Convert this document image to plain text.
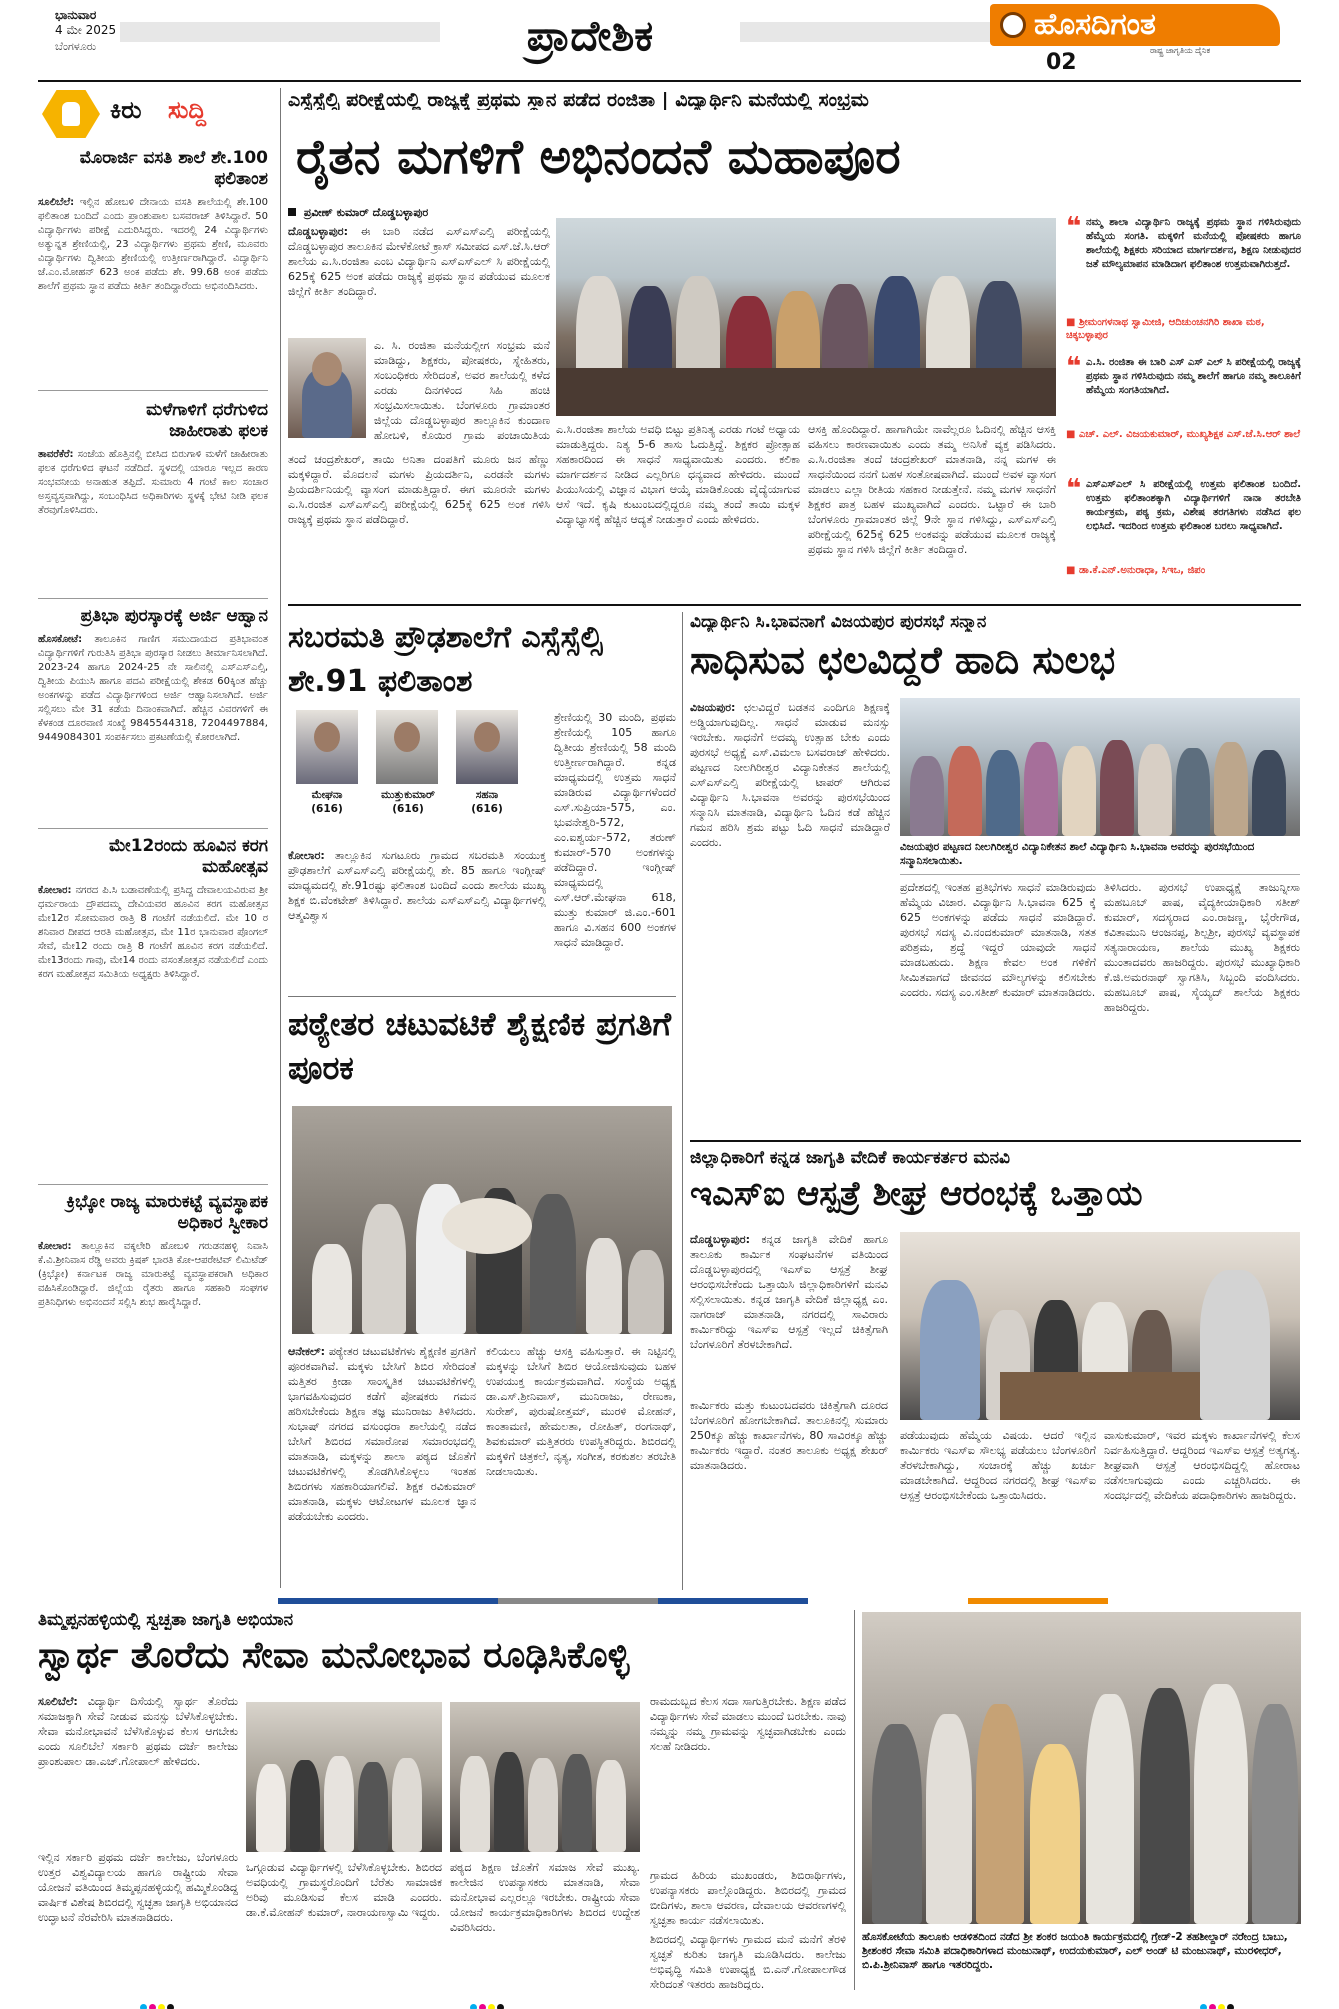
ಭಾನುವಾರ
4 ಮೇ 2025
ಬೆಂಗಳೂರು	ಪ್ರಾದೇಶಿಕ	ಹೊಸದಿಗಂತ
ರಾಷ್ಟ್ರ ಜಾಗೃತಿಯ ದೈನಿಕ
02
ಕಿರು ಸುದ್ದಿ
ಮೊರಾರ್ಜಿ ವಸತಿ ಶಾಲೆ ಶೇ.100 ಫಲಿತಾಂಶ
ಸೂಲಿಬೆಲೆ: ಇಲ್ಲಿನ ಹೋಬಳಿ ದೇನಾಯ ವಸತಿ ಶಾಲೆಯಲ್ಲಿ ಶೇ.100 ಫಲಿತಾಂಶ ಬಂದಿದೆ ಎಂದು ಪ್ರಾಂಶುಪಾಲ ಬಸವರಾಜ್ ತಿಳಿಸಿದ್ದಾರೆ. 50 ವಿದ್ಯಾರ್ಥಿಗಳು ಪರೀಕ್ಷೆ ಎದುರಿಸಿದ್ದರು. ಇದರಲ್ಲಿ 24 ವಿದ್ಯಾರ್ಥಿಗಳು ಅತ್ಯುನ್ನತ ಶ್ರೇಣಿಯಲ್ಲಿ, 23 ವಿದ್ಯಾರ್ಥಿಗಳು ಪ್ರಥಮ ಶ್ರೇಣಿ, ಮೂವರು ವಿದ್ಯಾರ್ಥಿಗಳು ದ್ವಿತೀಯ ಶ್ರೇಣಿಯಲ್ಲಿ ಉತ್ತೀರ್ಣರಾಗಿದ್ದಾರೆ. ವಿದ್ಯಾರ್ಥಿನಿ ಜೆ.ಎಂ.ಮೋಹನ್ 623 ಅಂಕ ಪಡೆದು ಶೇ. 99.68 ಅಂಕ ಪಡೆದು ಶಾಲೆಗೆ ಪ್ರಥಮ ಸ್ಥಾನ ಪಡೆದು ಕೀರ್ತಿ ತಂದಿದ್ದಾರೆಂದು ಅಭಿನಂದಿಸಿದರು.
ಮಳೆಗಾಳಿಗೆ ಧರೆಗುಳಿದ ಜಾಹೀರಾತು ಫಲಕ
ತಾವರೆಕೆರೆ: ಸಂಜೆಯ ಹೊತ್ತಿನಲ್ಲಿ ಬೀಸಿದ ಬಿರುಗಾಳಿ ಮಳೆಗೆ ಜಾಹೀರಾತು ಫಲಕ ಧರೆಗುಳಿದ ಘಟನೆ ನಡೆದಿದೆ. ಸ್ಥಳದಲ್ಲಿ ಯಾರೂ ಇಲ್ಲದ ಕಾರಣ ಸಂಭವನೀಯ ಅನಾಹುತ ತಪ್ಪಿದೆ. ಸುಮಾರು 4 ಗಂಟೆ ಕಾಲ ಸಂಚಾರ ಅಸ್ತವ್ಯಸ್ತವಾಗಿದ್ದು, ಸಂಬಂಧಿಸಿದ ಅಧಿಕಾರಿಗಳು ಸ್ಥಳಕ್ಕೆ ಭೇಟಿ ನೀಡಿ ಫಲಕ ತೆರವುಗೊಳಿಸಿದರು.
ಪ್ರತಿಭಾ ಪುರಸ್ಕಾರಕ್ಕೆ ಅರ್ಜಿ ಆಹ್ವಾನ
ಹೊಸಕೋಟೆ: ತಾಲೂಕಿನ ಗಾಣಿಗ ಸಮುದಾಯದ ಪ್ರತಿಭಾವಂತ ವಿದ್ಯಾರ್ಥಿಗಳಿಗೆ ಗುರುತಿಸಿ ಪ್ರತಿಭಾ ಪುರಸ್ಕಾರ ನೀಡಲು ತೀರ್ಮಾನಿಸಲಾಗಿದೆ. 2023-24 ಹಾಗೂ 2024-25 ನೇ ಸಾಲಿನಲ್ಲಿ ಎಸ್ಎಸ್ಎಲ್ಸಿ, ದ್ವಿತೀಯ ಪಿಯುಸಿ ಹಾಗೂ ಪದವಿ ಪರೀಕ್ಷೆಯಲ್ಲಿ ಶೇಕಡ 60ಕ್ಕಿಂತ ಹೆಚ್ಚು ಅಂಕಗಳನ್ನು ಪಡೆದ ವಿದ್ಯಾರ್ಥಿಗಳಿಂದ ಅರ್ಜಿ ಆಹ್ವಾನಿಸಲಾಗಿದೆ. ಅರ್ಜಿ ಸಲ್ಲಿಸಲು ಮೇ 31 ಕಡೆಯ ದಿನಾಂಕವಾಗಿದೆ. ಹೆಚ್ಚಿನ ವಿವರಗಳಿಗೆ ಈ ಕೆಳಕಂಡ ದೂರವಾಣಿ ಸಂಖ್ಯೆ 9845544318, 7204497884, 9449084301 ಸಂಪರ್ಕಿಸಲು ಪ್ರಕಟಣೆಯಲ್ಲಿ ಕೋರಲಾಗಿದೆ.
ಮೇ12ರಂದು ಹೂವಿನ ಕರಗ ಮಹೋತ್ಸವ
ಕೋಲಾರ: ನಗರದ ಪಿ.ಸಿ ಬಡಾವಣೆಯಲ್ಲಿ ಪ್ರಸಿದ್ದ ದೇವಾಲಯವಿರುವ ಶ್ರೀ ಧರ್ಮರಾಯ ದ್ರೌಪದಮ್ಮ ದೇವಿಯವರ ಹೂವಿನ ಕರಗ ಮಹೋತ್ಸವ ಮೇ12ರ ಸೋಮವಾರ ರಾತ್ರಿ 8 ಗಂಟೆಗೆ ನಡೆಯಲಿದೆ. ಮೇ 10 ರ ಶನಿವಾರ ದೀಪದ ಆರತಿ ಮಹೋತ್ಸವ, ಮೇ 11ರ ಭಾನುವಾರ ಪೊಂಗಲ್ ಸೇವೆ, ಮೇ12 ರಂದು ರಾತ್ರಿ 8 ಗಂಟೆಗೆ ಹೂವಿನ ಕರಗ ನಡೆಯಲಿದೆ. ಮೇ13ರಂದು ಗಾವು, ಮೇ14 ರಂದು ವಸಂತೋತ್ಸವ ನಡೆಯಲಿದೆ ಎಂದು ಕರಗ ಮಹೋತ್ಸವ ಸಮಿತಿಯ ಅಧ್ಯಕ್ಷರು ತಿಳಿಸಿದ್ದಾರೆ.
ಕ್ರಿಭ್ಕೋ ರಾಜ್ಯ ಮಾರುಕಟ್ಟೆ ವ್ಯವಸ್ಥಾಪಕ ಅಧಿಕಾರ ಸ್ವೀಕಾರ
ಕೋಲಾರ: ತಾಲ್ಲೂಕಿನ ವಕ್ಕಲೇರಿ ಹೋಬಳಿ ಗರುಡನಹಳ್ಳಿ ನಿವಾಸಿ ಕೆ.ವಿ.ಶ್ರೀನಿವಾಸ ರೆಡ್ಡಿ ಅವರು ಕ್ರಿಷಕ್ ಭಾರತಿ ಕೋ-ಆಪರೇಟಿವ್ ಲಿಮಿಟೆಡ್ (ಕ್ರಿಭ್ಕೋ) ಕರ್ನಾಟಕ ರಾಜ್ಯ ಮಾರುಕಟ್ಟೆ ವ್ಯವಸ್ಥಾಪಕರಾಗಿ ಅಧಿಕಾರ ವಹಿಸಿಕೊಂಡಿದ್ದಾರೆ. ಜಿಲ್ಲೆಯ ರೈತರು ಹಾಗೂ ಸಹಕಾರಿ ಸಂಘಗಳ ಪ್ರತಿನಿಧಿಗಳು ಅಭಿನಂದನೆ ಸಲ್ಲಿಸಿ ಶುಭ ಹಾರೈಸಿದ್ದಾರೆ.
ಎಸ್ಸೆಸ್ಸೆಲ್ಸಿ ಪರೀಕ್ಷೆಯಲ್ಲಿ ರಾಜ್ಯಕ್ಕೆ ಪ್ರಥಮ ಸ್ಥಾನ ಪಡೆದ ರಂಜಿತಾ | ವಿದ್ಯಾರ್ಥಿನಿ ಮನೆಯಲ್ಲಿ ಸಂಭ್ರಮ
ರೈತನ ಮಗಳಿಗೆ ಅಭಿನಂದನೆ ಮಹಾಪೂರ
ಪ್ರವೀಣ್ ಕುಮಾರ್ ದೊಡ್ಡಬಳ್ಳಾಪುರ
ದೊಡ್ಡಬಳ್ಳಾಪುರ: ಈ ಬಾರಿ ನಡೆದ ಎಸ್ಎಸ್ಎಲ್ಸಿ ಪರೀಕ್ಷೆಯಲ್ಲಿ ದೊಡ್ಡಬಳ್ಳಾಪುರ ತಾಲೂಕಿನ ಮೇಳೆಕೋಟೆ ಕ್ರಾಸ್ ಸಮೀಪದ ಎಸ್.ಜೆ.ಸಿ.ಆರ್ ಶಾಲೆಯ ಎ.ಸಿ.ರಂಜಿತಾ ಎಂಬ ವಿದ್ಯಾರ್ಥಿನಿ ಎಸ್ಎಸ್ಎಲ್ ಸಿ ಪರೀಕ್ಷೆಯಲ್ಲಿ 625ಕ್ಕೆ 625 ಅಂಕ ಪಡೆದು ರಾಜ್ಯಕ್ಕೆ ಪ್ರಥಮ ಸ್ಥಾನ ಪಡೆಯುವ ಮೂಲಕ ಜಿಲ್ಲೆಗೆ ಕೀರ್ತಿ ತಂದಿದ್ದಾರೆ.
ಎ. ಸಿ. ರಂಜಿತಾ ಮನೆಯಲ್ಲೀಗ ಸಂಭ್ರಮ ಮನೆ ಮಾಡಿದ್ದು, ಶಿಕ್ಷಕರು, ಪೋಷಕರು, ಸ್ನೇಹಿತರು, ಸಂಬಂಧಿಕರು ಸೇರಿದಂತೆ, ಅವರ ಶಾಲೆಯಲ್ಲಿ ಕಳೆದ ಎರಡು ದಿನಗಳಿಂದ ಸಿಹಿ ಹಂಚಿ ಸಂಭ್ರಮಿಸಲಾಯಿತು. ಬೆಂಗಳೂರು ಗ್ರಾಮಾಂತರ ಜಿಲ್ಲೆಯ ದೊಡ್ಡಬಳ್ಳಾಪುರ ತಾಲ್ಲೂಕಿನ ಕುಂದಾಣ ಹೋಬಳಿ, ಕೊಯಿರ ಗ್ರಾಮ ಪಂಚಾಯಿತಿಯ
ತಂದೆ ಚಂದ್ರಶೇಖರ್, ತಾಯಿ ಅನಿತಾ ದಂಪತಿಗೆ ಮೂರು ಜನ ಹೆಣ್ಣು ಮಕ್ಕಳಿದ್ದಾರೆ. ಮೊದಲನೆ ಮಗಳು ಪ್ರಿಯದರ್ಶಿನಿ, ಎರಡನೇ ಮಗಳು ಪ್ರಿಯದರ್ಶಿನಿಯಲ್ಲಿ ವ್ಯಾಸಂಗ ಮಾಡುತ್ತಿದ್ದಾರೆ. ಈಗ ಮೂರನೇ ಮಗಳು ಎ.ಸಿ.ರಂಜಿತ ಎಸ್ಎಸ್ಎಲ್ಸಿ ಪರೀಕ್ಷೆಯಲ್ಲಿ 625ಕ್ಕೆ 625 ಅಂಕ ಗಳಿಸಿ ರಾಜ್ಯಕ್ಕೆ ಪ್ರಥಮ ಸ್ಥಾನ ಪಡೆದಿದ್ದಾರೆ.
ಎ.ಸಿ.ರಂಜಿತಾ ಶಾಲೆಯ ಅವಧಿ ಬಿಟ್ಟು ಪ್ರತಿನಿತ್ಯ ಎರಡು ಗಂಟೆ ಅಧ್ಯಾಯ ಮಾಡುತ್ತಿದ್ದರು. ನಿತ್ಯ 5-6 ತಾಸು ಓದುತ್ತಿದ್ದೆ. ಶಿಕ್ಷಕರ ಪ್ರೋತ್ಸಾಹ ಸಹಕಾರದಿಂದ ಈ ಸಾಧನೆ ಸಾಧ್ಯವಾಯಿತು ಎಂದರು. ಕಲಿಕಾ ಮಾರ್ಗದರ್ಶನ ನೀಡಿದ ಎಲ್ಲರಿಗೂ ಧನ್ಯವಾದ ಹೇಳಿದರು. ಮುಂದೆ ಪಿಯುಸಿಯಲ್ಲಿ ವಿಜ್ಞಾನ ವಿಭಾಗ ಆಯ್ಕೆ ಮಾಡಿಕೊಂಡು ವೈದ್ಯೆಯಾಗುವ ಆಸೆ ಇದೆ. ಕೃಷಿ ಕುಟುಂಬದಲ್ಲಿದ್ದರೂ ನಮ್ಮ ತಂದೆ ತಾಯಿ ಮಕ್ಕಳ ವಿದ್ಯಾಭ್ಯಾಸಕ್ಕೆ ಹೆಚ್ಚಿನ ಆದ್ಯತೆ ನೀಡುತ್ತಾರೆ ಎಂದು ಹೇಳಿದರು.
ಆಸಕ್ತಿ ಹೊಂದಿದ್ದಾರೆ. ಹಾಗಾಗಿಯೇ ನಾವೆಲ್ಲರೂ ಓದಿನಲ್ಲಿ ಹೆಚ್ಚಿನ ಆಸಕ್ತಿ ವಹಿಸಲು ಕಾರಣವಾಯಿತು ಎಂದು ತಮ್ಮ ಅನಿಸಿಕೆ ವ್ಯಕ್ತ ಪಡಿಸಿದರು. ಎ.ಸಿ.ರಂಜಿತಾ ತಂದೆ ಚಂದ್ರಶೇಖರ್ ಮಾತನಾಡಿ, ನನ್ನ ಮಗಳ ಈ ಸಾಧನೆಯಿಂದ ನನಗೆ ಬಹಳ ಸಂತೋಷವಾಗಿದೆ. ಮುಂದೆ ಅವಳ ವ್ಯಾಸಂಗ ಮಾಡಲು ಎಲ್ಲಾ ರೀತಿಯ ಸಹಕಾರ ನೀಡುತ್ತೇನೆ. ನಮ್ಮ ಮಗಳ ಸಾಧನೆಗೆ ಶಿಕ್ಷಕರ ಪಾತ್ರ ಬಹಳ ಮುಖ್ಯವಾಗಿದೆ ಎಂದರು. ಒಟ್ಟಾರೆ ಈ ಬಾರಿ ಬೆಂಗಳೂರು ಗ್ರಾಮಾಂತರ ಜಿಲ್ಲೆ 9ನೇ ಸ್ಥಾನ ಗಳಿಸಿದ್ದು, ಎಸ್ಎಸ್ಎಲ್ಸಿ ಪರೀಕ್ಷೆಯಲ್ಲಿ 625ಕ್ಕೆ 625 ಅಂಕವನ್ನು ಪಡೆಯುವ ಮೂಲಕ ರಾಜ್ಯಕ್ಕೆ ಪ್ರಥಮ ಸ್ಥಾನ ಗಳಿಸಿ ಜಿಲ್ಲೆಗೆ ಕೀರ್ತಿ ತಂದಿದ್ದಾರೆ.
❝ ನಮ್ಮ ಶಾಲಾ ವಿದ್ಯಾರ್ಥಿನಿ ರಾಜ್ಯಕ್ಕೆ ಪ್ರಥಮ ಸ್ಥಾನ ಗಳಿಸಿರುವುದು ಹೆಮ್ಮೆಯ ಸಂಗತಿ. ಮಕ್ಕಳಿಗೆ ಮನೆಯಲ್ಲಿ ಪೋಷಕರು ಹಾಗೂ ಶಾಲೆಯಲ್ಲಿ ಶಿಕ್ಷಕರು ಸರಿಯಾದ ಮಾರ್ಗದರ್ಶನ, ಶಿಕ್ಷಣ ನೀಡುವುದರ ಜತೆ ಮೌಲ್ಯಮಾಪನ ಮಾಡಿದಾಗ ಫಲಿತಾಂಶ ಉತ್ತಮವಾಗಿರುತ್ತದೆ.
■ ಶ್ರೀಮಂಗಳನಾಥ ಸ್ವಾಮೀಜಿ, ಆದಿಚುಂಚನಗಿರಿ ಶಾಖಾ ಮಠ, ಚಿಕ್ಕಬಳ್ಳಾಪುರ
❝ ಎ.ಸಿ. ರಂಜಿತಾ ಈ ಬಾರಿ ಎಸ್ ಎಸ್ ಎಲ್ ಸಿ ಪರೀಕ್ಷೆಯಲ್ಲಿ ರಾಜ್ಯಕ್ಕೆ ಪ್ರಥಮ ಸ್ಥಾನ ಗಳಿಸಿರುವುದು ನಮ್ಮ ಶಾಲೆಗೆ ಹಾಗೂ ನಮ್ಮ ತಾಲೂಕಿಗೆ ಹೆಮ್ಮೆಯ ಸಂಗತಿಯಾಗಿದೆ.
■ ಎಚ್. ಎಲ್. ವಿಜಯಕುಮಾರ್, ಮುಖ್ಯಶಿಕ್ಷಕ ಎಸ್.ಜೆ.ಸಿ.ಆರ್ ಶಾಲೆ
❝ ಎಸ್ಎಸ್ಎಲ್ ಸಿ ಪರೀಕ್ಷೆಯಲ್ಲಿ ಉತ್ತಮ ಫಲಿತಾಂಶ ಬಂದಿದೆ. ಉತ್ತಮ ಫಲಿತಾಂಶಕ್ಕಾಗಿ ವಿದ್ಯಾರ್ಥಿಗಳಿಗೆ ನಾನಾ ತರಬೇತಿ ಕಾರ್ಯಕ್ರಮ, ಪಠ್ಯ ಕ್ರಮ, ವಿಶೇಷ ತರಗತಿಗಳು ನಡೆಸಿದ ಫಲ ಲಭಿಸಿದೆ. ಇದರಿಂದ ಉತ್ತಮ ಫಲಿತಾಂಶ ಬರಲು ಸಾಧ್ಯವಾಗಿದೆ.
■ ಡಾ.ಕೆ.ಎನ್.ಅನುರಾಧಾ, ಸಿಇಒ, ಜಿಪಂ
ಸಬರಮತಿ ಪ್ರೌಢಶಾಲೆಗೆ ಎಸ್ಸೆಸ್ಸೆಲ್ಸಿ ಶೇ.91 ಫಲಿತಾಂಶ
ಮೇಘನಾ
(616)
ಮುತ್ತುಕುಮಾರ್
(616)
ಸಹನಾ
(616)
ಕೋಲಾರ: ತಾಲ್ಲೂಕಿನ ಸುಗಟೂರು ಗ್ರಾಮದ ಸಬರಮತಿ ಸಂಯುಕ್ತ ಪ್ರೌಢಶಾಲೆಗೆ ಎಸ್ಎಸ್ಎಲ್ಸಿ ಪರೀಕ್ಷೆಯಲ್ಲಿ ಶೇ. 85 ಹಾಗೂ ಇಂಗ್ಲೀಷ್ ಮಾಧ್ಯಮದಲ್ಲಿ ಶೇ.91ರಷ್ಟು ಫಲಿತಾಂಶ ಬಂದಿದೆ ಎಂದು ಶಾಲೆಯ ಮುಖ್ಯ ಶಿಕ್ಷಕ ಬಿ.ವೆಂಕಟೇಶ್ ತಿಳಿಸಿದ್ದಾರೆ. ಶಾಲೆಯ ಎಸ್ಎಸ್ಎಲ್ಸಿ ವಿದ್ಯಾರ್ಥಿಗಳಲ್ಲಿ ಆತ್ಮವಿಶ್ವಾಸ
ಶ್ರೇಣಿಯಲ್ಲಿ 30 ಮಂದಿ, ಪ್ರಥಮ ಶ್ರೇಣಿಯಲ್ಲಿ 105 ಹಾಗೂ ದ್ವಿತೀಯ ಶ್ರೇಣಿಯಲ್ಲಿ 58 ಮಂದಿ ಉತ್ತೀರ್ಣರಾಗಿದ್ದಾರೆ. ಕನ್ನಡ ಮಾಧ್ಯಮದಲ್ಲಿ ಉತ್ತಮ ಸಾಧನೆ ಮಾಡಿರುವ ವಿದ್ಯಾರ್ಥಿಗಳೆಂದರೆ ಎಸ್.ಸುಪ್ರಿಯಾ-575, ಎಂ. ಭುವನೇಶ್ವರಿ-572, ಎಂ.ಐಶ್ವರ್ಯ-572, ತರುಣ್ ಕುಮಾರ್-570 ಅಂಕಗಳನ್ನು ಪಡೆದಿದ್ದಾರೆ. ಇಂಗ್ಲೀಷ್ ಮಾಧ್ಯಮದಲ್ಲಿ ಎಸ್.ಆರ್.ಮೇಘನಾ 618, ಮುತ್ತು ಕುಮಾರ್ ಜಿ.ಎಂ.-601 ಹಾಗೂ ವಿ.ಸಹನ 600 ಅಂಕಗಳ ಸಾಧನೆ ಮಾಡಿದ್ದಾರೆ.
ಪಠ್ಯೇತರ ಚಟುವಟಿಕೆ ಶೈಕ್ಷಣಿಕ ಪ್ರಗತಿಗೆ ಪೂರಕ
ಆನೇಕಲ್: ಪಠ್ಯೇತರ ಚಟುವಟಿಕೆಗಳು ಶೈಕ್ಷಣಿಕ ಪ್ರಗತಿಗೆ ಪೂರಕವಾಗಿವೆ. ಮಕ್ಕಳು ಬೇಸಿಗೆ ಶಿಬಿರ ಸೇರಿದಂತೆ ಮತ್ತಿತರ ಕ್ರೀಡಾ ಸಾಂಸ್ಕೃತಿಕ ಚಟುವಟಿಕೆಗಳಲ್ಲಿ ಭಾಗವಹಿಸುವುದರ ಕಡೆಗೆ ಪೋಷಕರು ಗಮನ ಹರಿಸಬೇಕೆಂದು ಶಿಕ್ಷಣ ತಜ್ಞ ಮುನಿರಾಜು ತಿಳಿಸಿದರು. ಸುಭಾಷ್ ನಗರದ ವಸುಂಧರಾ ಶಾಲೆಯಲ್ಲಿ ನಡೆದ ಬೇಸಿಗೆ ಶಿಬಿರದ ಸಮಾರೋಪ ಸಮಾರಂಭದಲ್ಲಿ ಮಾತನಾಡಿ, ಮಕ್ಕಳನ್ನು ಶಾಲಾ ಪಠ್ಯದ ಜೊತೆಗೆ ಚಟುವಟಿಕೆಗಳಲ್ಲಿ ತೊಡಗಿಸಿಕೊಳ್ಳಲು ಇಂತಹ ಶಿಬಿರಗಳು ಸಹಕಾರಿಯಾಗಲಿವೆ. ಶಿಕ್ಷಕ ರವಿಕುಮಾರ್ ಮಾತನಾಡಿ, ಮಕ್ಕಳು ಆಟೋಟಗಳ ಮೂಲಕ ಜ್ಞಾನ ಪಡೆಯಬೇಕು ಎಂದರು.
ಕಲಿಯಲು ಹೆಚ್ಚು ಆಸಕ್ತಿ ವಹಿಸುತ್ತಾರೆ. ಈ ನಿಟ್ಟಿನಲ್ಲಿ ಮಕ್ಕಳನ್ನು ಬೇಸಿಗೆ ಶಿಬಿರ ಆಯೋಜಿಸುವುದು ಬಹಳ ಉಪಯುಕ್ತ ಕಾರ್ಯಕ್ರಮವಾಗಿದೆ. ಸಂಸ್ಥೆಯ ಅಧ್ಯಕ್ಷ ಡಾ.ಎಸ್.ಶ್ರೀನಿವಾಸ್, ಮುನಿರಾಜು, ರೇಣುಕಾ, ಸುರೇಶ್, ಪುರುಷೋತ್ತಮ್, ಮುರಳಿ ಮೋಹನ್, ಕಾಂತಾಮಣಿ, ಹೇಮಲತಾ, ರೋಹಿತ್, ರಂಗನಾಥ್, ಶಿವಕುಮಾರ್ ಮತ್ತಿತರರು ಉಪಸ್ಥಿತರಿದ್ದರು. ಶಿಬಿರದಲ್ಲಿ ಮಕ್ಕಳಿಗೆ ಚಿತ್ರಕಲೆ, ನೃತ್ಯ, ಸಂಗೀತ, ಕರಕುಶಲ ತರಬೇತಿ ನೀಡಲಾಯಿತು.
ವಿದ್ಯಾರ್ಥಿನಿ ಸಿ.ಭಾವನಾಗೆ ವಿಜಯಪುರ ಪುರಸಭೆ ಸನ್ಮಾನ
ಸಾಧಿಸುವ ಛಲವಿದ್ದರೆ ಹಾದಿ ಸುಲಭ
ವಿಜಯಪುರ: ಛಲವಿದ್ದರೆ ಬಡತನ ಎಂದಿಗೂ ಶಿಕ್ಷಣಕ್ಕೆ ಅಡ್ಡಿಯಾಗುವುದಿಲ್ಲ. ಸಾಧನೆ ಮಾಡುವ ಮನಸ್ಸು ಇರಬೇಕು. ಸಾಧನೆಗೆ ಅದಮ್ಯ ಉತ್ಸಾಹ ಬೇಕು ಎಂದು ಪುರಸಭೆ ಅಧ್ಯಕ್ಷೆ ಎಸ್.ವಿಮಲಾ ಬಸವರಾಜ್ ಹೇಳಿದರು. ಪಟ್ಟಣದ ನೀಲಗಿರೀಶ್ವರ ವಿದ್ಯಾನಿಕೇತನ ಶಾಲೆಯಲ್ಲಿ ಎಸ್ಎಸ್ಎಲ್ಸಿ ಪರೀಕ್ಷೆಯಲ್ಲಿ ಟಾಪರ್ ಆಗಿರುವ ವಿದ್ಯಾರ್ಥಿನಿ ಸಿ.ಭಾವನಾ ಅವರನ್ನು ಪುರಸಭೆಯಿಂದ ಸನ್ಮಾನಿಸಿ ಮಾತನಾಡಿ, ವಿದ್ಯಾರ್ಥಿನಿ ಓದಿನ ಕಡೆ ಹೆಚ್ಚಿನ ಗಮನ ಹರಿಸಿ ಶ್ರಮ ಪಟ್ಟು ಓದಿ ಸಾಧನೆ ಮಾಡಿದ್ದಾರೆ ಎಂದರು.	ವಿಜಯಪುರ ಪಟ್ಟಣದ ನೀಲಗಿರೀಶ್ವರ ವಿದ್ಯಾನಿಕೇತನ ಶಾಲೆ ವಿದ್ಯಾರ್ಥಿನಿ ಸಿ.ಭಾವನಾ ಅವರನ್ನು ಪುರಸಭೆಯಿಂದ ಸನ್ಮಾನಿಸಲಾಯಿತು.
ಪ್ರದೇಶದಲ್ಲಿ ಇಂತಹ ಪ್ರತಿಭೆಗಳು ಸಾಧನೆ ಮಾಡಿರುವುದು ಹೆಮ್ಮೆಯ ವಿಚಾರ. ವಿದ್ಯಾರ್ಥಿನಿ ಸಿ.ಭಾವನಾ 625 ಕ್ಕೆ 625 ಅಂಕಗಳನ್ನು ಪಡೆದು ಸಾಧನೆ ಮಾಡಿದ್ದಾರೆ. ಪುರಸಭೆ ಸದಸ್ಯ ವಿ.ನಂದಕುಮಾರ್ ಮಾತನಾಡಿ, ಸತತ ಪರಿಶ್ರಮ, ಶ್ರದ್ಧೆ ಇದ್ದರೆ ಯಾವುದೇ ಸಾಧನೆ ಮಾಡಬಹುದು. ಶಿಕ್ಷಣ ಕೇವಲ ಅಂಕ ಗಳಿಕೆಗೆ ಸೀಮಿತವಾಗದೆ ಜೀವನದ ಮೌಲ್ಯಗಳನ್ನು ಕಲಿಸಬೇಕು ಎಂದರು. ಸದಸ್ಯ ಎಂ.ಸತೀಶ್ ಕುಮಾರ್ ಮಾತನಾಡಿದರು.
ತಿಳಿಸಿದರು. ಪುರಸಭೆ ಉಪಾಧ್ಯಕ್ಷೆ ತಾಜುನ್ನೀಸಾ ಮಹಬೂಬ್ ಪಾಷ, ವೈದ್ಯಕೀಯಾಧಿಕಾರಿ ಸತೀಶ್ ಕುಮಾರ್, ಸದಸ್ಯರಾದ ಎಂ.ರಾಜಣ್ಣ, ಭೈರೇಗೌಡ, ಕವಿತಾಮುನಿ ಆಂಜನಪ್ಪ, ಶಿಲ್ಪಶ್ರೀ, ಪುರಸಭೆ ವ್ಯವಸ್ಥಾಪಕ ಸತ್ಯನಾರಾಯಣ, ಶಾಲೆಯ ಮುಖ್ಯ ಶಿಕ್ಷಕರು ಮುಂತಾದವರು ಹಾಜರಿದ್ದರು. ಪುರಸಭೆ ಮುಖ್ಯಾಧಿಕಾರಿ ಕೆ.ಜಿ.ಅಮರನಾಥ್ ಸ್ವಾಗತಿಸಿ, ಸಿಬ್ಬಂದಿ ವಂದಿಸಿದರು. ಮಹಬೂಬ್ ಪಾಷ, ಸೈಯ್ಯದ್ ಶಾಲೆಯ ಶಿಕ್ಷಕರು ಹಾಜರಿದ್ದರು.
ಜಿಲ್ಲಾಧಿಕಾರಿಗೆ ಕನ್ನಡ ಜಾಗೃತಿ ವೇದಿಕೆ ಕಾರ್ಯಕರ್ತರ ಮನವಿ
ಇಎಸ್ಐ ಆಸ್ಪತ್ರೆ ಶೀಘ್ರ ಆರಂಭಕ್ಕೆ ಒತ್ತಾಯ
ದೊಡ್ಡಬಳ್ಳಾಪುರ: ಕನ್ನಡ ಜಾಗೃತಿ ವೇದಿಕೆ ಹಾಗೂ ತಾಲೂಕು ಕಾರ್ಮಿಕ ಸಂಘಟನೆಗಳ ವತಿಯಿಂದ ದೊಡ್ಡಬಳ್ಳಾಪುರದಲ್ಲಿ ಇಎಸ್ಐ ಆಸ್ಪತ್ರೆ ಶೀಘ್ರ ಆರಂಭಿಸಬೇಕೆಂದು ಒತ್ತಾಯಿಸಿ ಜಿಲ್ಲಾಧಿಕಾರಿಗಳಿಗೆ ಮನವಿ ಸಲ್ಲಿಸಲಾಯಿತು. ಕನ್ನಡ ಜಾಗೃತಿ ವೇದಿಕೆ ಜಿಲ್ಲಾಧ್ಯಕ್ಷ ಎಂ. ನಾಗರಾಜ್ ಮಾತನಾಡಿ, ನಗರದಲ್ಲಿ ಸಾವಿರಾರು ಕಾರ್ಮಿಕರಿದ್ದು ಇಎಸ್ಐ ಆಸ್ಪತ್ರೆ ಇಲ್ಲದೆ ಚಿಕಿತ್ಸೆಗಾಗಿ ಬೆಂಗಳೂರಿಗೆ ತೆರಳಬೇಕಾಗಿದೆ.
ಕಾರ್ಮಿಕರು ಮತ್ತು ಕುಟುಂಬದವರು ಚಿಕಿತ್ಸೆಗಾಗಿ ದೂರದ ಬೆಂಗಳೂರಿಗೆ ಹೋಗಬೇಕಾಗಿದೆ. ತಾಲೂಕಿನಲ್ಲಿ ಸುಮಾರು 250ಕ್ಕೂ ಹೆಚ್ಚು ಕಾರ್ಖಾನೆಗಳು, 80 ಸಾವಿರಕ್ಕೂ ಹೆಚ್ಚು ಕಾರ್ಮಿಕರು ಇದ್ದಾರೆ. ನಂತರ ತಾಲೂಕು ಅಧ್ಯಕ್ಷ ಶೇಖರ್ ಮಾತನಾಡಿದರು.
ಪಡೆಯುವುದು ಹೆಮ್ಮೆಯ ವಿಷಯ. ಆದರೆ ಇಲ್ಲಿನ ಕಾರ್ಮಿಕರು ಇಎಸ್ಐ ಸೌಲಭ್ಯ ಪಡೆಯಲು ಬೆಂಗಳೂರಿಗೆ ತೆರಳಬೇಕಾಗಿದ್ದು, ಸಂಚಾರಕ್ಕೆ ಹೆಚ್ಚು ಖರ್ಚು ಮಾಡಬೇಕಾಗಿದೆ. ಆದ್ದರಿಂದ ನಗರದಲ್ಲಿ ಶೀಘ್ರ ಇಎಸ್ಐ ಆಸ್ಪತ್ರೆ ಆರಂಭಿಸಬೇಕೆಂದು ಒತ್ತಾಯಿಸಿದರು.
ವಾಸುಕುಮಾರ್, ಇವರ ಮಕ್ಕಳು ಕಾರ್ಖಾನೆಗಳಲ್ಲಿ ಕೆಲಸ ನಿರ್ವಹಿಸುತ್ತಿದ್ದಾರೆ. ಆದ್ದರಿಂದ ಇಎಸ್ಐ ಆಸ್ಪತ್ರೆ ಅತ್ಯಗತ್ಯ. ಶೀಘ್ರವಾಗಿ ಆಸ್ಪತ್ರೆ ಆರಂಭಿಸದಿದ್ದಲ್ಲಿ ಹೋರಾಟ ನಡೆಸಲಾಗುವುದು ಎಂದು ಎಚ್ಚರಿಸಿದರು. ಈ ಸಂದರ್ಭದಲ್ಲಿ ವೇದಿಕೆಯ ಪದಾಧಿಕಾರಿಗಳು ಹಾಜರಿದ್ದರು.
ತಿಮ್ಮಪ್ಪನಹಳ್ಳಿಯಲ್ಲಿ ಸ್ವಚ್ಛತಾ ಜಾಗೃತಿ ಅಭಿಯಾನ
ಸ್ವಾರ್ಥ ತೊರೆದು ಸೇವಾ ಮನೋಭಾವ ರೂಢಿಸಿಕೊಳ್ಳಿ
ಸೂಲಿಬೆಲೆ: ವಿದ್ಯಾರ್ಥಿ ದಿಸೆಯಲ್ಲಿ ಸ್ವಾರ್ಥ ತೊರೆದು ಸಮಾಜಕ್ಕಾಗಿ ಸೇವೆ ನೀಡುವ ಮನಸ್ಸು ಬೆಳೆಸಿಕೊಳ್ಳಬೇಕು. ಸೇವಾ ಮನೋಭಾವನೆ ಬೆಳೆಸಿಕೊಳ್ಳುವ ಕೆಲಸ ಆಗಬೇಕು ಎಂದು ಸೂಲಿಬೆಲೆ ಸರ್ಕಾರಿ ಪ್ರಥಮ ದರ್ಜೆ ಕಾಲೇಜು ಪ್ರಾಂಶುಪಾಲ ಡಾ.ಎಚ್.ಗೋಪಾಲ್ ಹೇಳಿದರು.
ಇಲ್ಲಿನ ಸರ್ಕಾರಿ ಪ್ರಥಮ ದರ್ಜೆ ಕಾಲೇಜು, ಬೆಂಗಳೂರು ಉತ್ತರ ವಿಶ್ವವಿದ್ಯಾಲಯ ಹಾಗೂ ರಾಷ್ಟ್ರೀಯ ಸೇವಾ ಯೋಜನೆ ವತಿಯಿಂದ ತಿಮ್ಮಪ್ಪನಹಳ್ಳಿಯಲ್ಲಿ ಹಮ್ಮಿಕೊಂಡಿದ್ದ ವಾರ್ಷಿಕ ವಿಶೇಷ ಶಿಬಿರದಲ್ಲಿ ಸ್ವಚ್ಛತಾ ಜಾಗೃತಿ ಅಭಿಯಾನದ ಉದ್ಘಾಟನೆ ನೆರವೇರಿಸಿ ಮಾತನಾಡಿದರು.
ಒಗ್ಗೂಡುವ ವಿದ್ಯಾರ್ಥಿಗಳಲ್ಲಿ ಬೆಳೆಸಿಕೊಳ್ಳಬೇಕು. ಶಿಬಿರದ ಅವಧಿಯಲ್ಲಿ ಗ್ರಾಮಸ್ಥರೊಂದಿಗೆ ಬೆರೆತು ಸಾಮಾಜಿಕ ಅರಿವು ಮೂಡಿಸುವ ಕೆಲಸ ಮಾಡಿ ಎಂದರು. ಡಾ.ಕೆ.ಮೋಹನ್ ಕುಮಾರ್, ನಾರಾಯಣಸ್ವಾಮಿ ಇದ್ದರು.
ಪಠ್ಯದ ಶಿಕ್ಷಣ ಜೊತೆಗೆ ಸಮಾಜ ಸೇವೆ ಮುಖ್ಯ. ಕಾಲೇಜಿನ ಉಪನ್ಯಾಸಕರು ಮಾತನಾಡಿ, ಸೇವಾ ಮನೋಭಾವ ಎಲ್ಲರಲ್ಲೂ ಇರಬೇಕು. ರಾಷ್ಟ್ರೀಯ ಸೇವಾ ಯೋಜನೆ ಕಾರ್ಯಕ್ರಮಾಧಿಕಾರಿಗಳು ಶಿಬಿರದ ಉದ್ದೇಶ ವಿವರಿಸಿದರು.
ರಾಮದುಬ್ಬದ ಕೆಲಸ ಸದಾ ಸಾಗುತ್ತಿರಬೇಕು. ಶಿಕ್ಷಣ ಪಡೆದ ವಿದ್ಯಾರ್ಥಿಗಳು ಸೇವೆ ಮಾಡಲು ಮುಂದೆ ಬರಬೇಕು. ನಾವು ನಮ್ಮನ್ನು ನಮ್ಮ ಗ್ರಾಮವನ್ನು ಸ್ವಚ್ಛವಾಗಿಡಬೇಕು ಎಂದು ಸಲಹೆ ನೀಡಿದರು.
ಗ್ರಾಮದ ಹಿರಿಯ ಮುಖಂಡರು, ಶಿಬಿರಾರ್ಥಿಗಳು, ಉಪನ್ಯಾಸಕರು ಪಾಲ್ಗೊಂಡಿದ್ದರು. ಶಿಬಿರದಲ್ಲಿ ಗ್ರಾಮದ ಬೀದಿಗಳು, ಶಾಲಾ ಆವರಣ, ದೇವಾಲಯ ಆವರಣಗಳಲ್ಲಿ ಸ್ವಚ್ಛತಾ ಕಾರ್ಯ ನಡೆಸಲಾಯಿತು.
ಶಿಬಿರದಲ್ಲಿ ವಿದ್ಯಾರ್ಥಿಗಳು ಗ್ರಾಮದ ಮನೆ ಮನೆಗೆ ತೆರಳಿ ಸ್ವಚ್ಛತೆ ಕುರಿತು ಜಾಗೃತಿ ಮೂಡಿಸಿದರು. ಕಾಲೇಜು ಅಭಿವೃದ್ಧಿ ಸಮಿತಿ ಉಪಾಧ್ಯಕ್ಷ ಬಿ.ಎನ್.ಗೋಪಾಲಗೌಡ ಸೇರಿದಂತೆ ಇತರರು ಹಾಜರಿದ್ದರು.
ಹೊಸಕೋಟೆಯ ತಾಲೂಕು ಆಡಳಿತದಿಂದ ನಡೆದ ಶ್ರೀ ಶಂಕರ ಜಯಂತಿ ಕಾರ್ಯಕ್ರಮದಲ್ಲಿ ಗ್ರೇಡ್-2 ತಹಶೀಲ್ದಾರ್ ನರೇಂದ್ರ ಬಾಬು, ಶ್ರೀಶಂಕರ ಸೇವಾ ಸಮಿತಿ ಪದಾಧಿಕಾರಿಗಳಾದ ಮಂಜುನಾಥ್, ಉದಯಕುಮಾರ್, ಎಲ್ ಅಂಡ್ ಟಿ ಮಂಜುನಾಥ್, ಮುರಳೀಧರ್, ಬಿ.ಪಿ.ಶ್ರೀನಿವಾಸ್ ಹಾಗೂ ಇತರರಿದ್ದರು.
